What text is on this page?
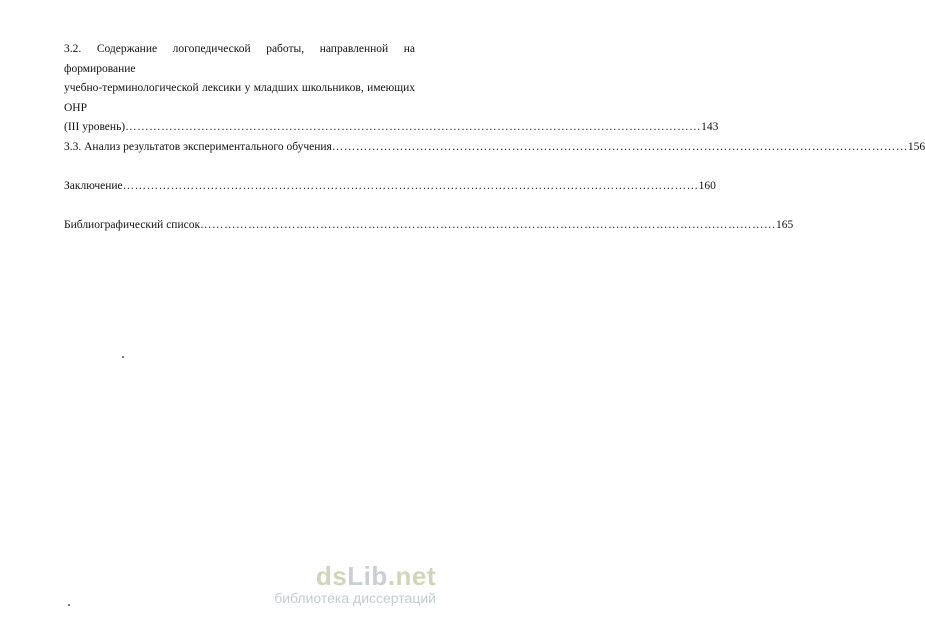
3.2. Содержание логопедической работы, направленной на формирование
учебно-терминологической лексики у младших школьников, имеющих ОНР
(III уровень) ……………………………………………………………………………………………………………………………… 143
3.3. Анализ результатов экспериментального обучения ……………………………………………………………………………………………………………………………… 156
Заключение ……………………………………………………………………………………………………………………………… 160
Библиографический список ……………………………………………………………………………………………………………………………… 165
dsLib.net
библиотека диссертаций
